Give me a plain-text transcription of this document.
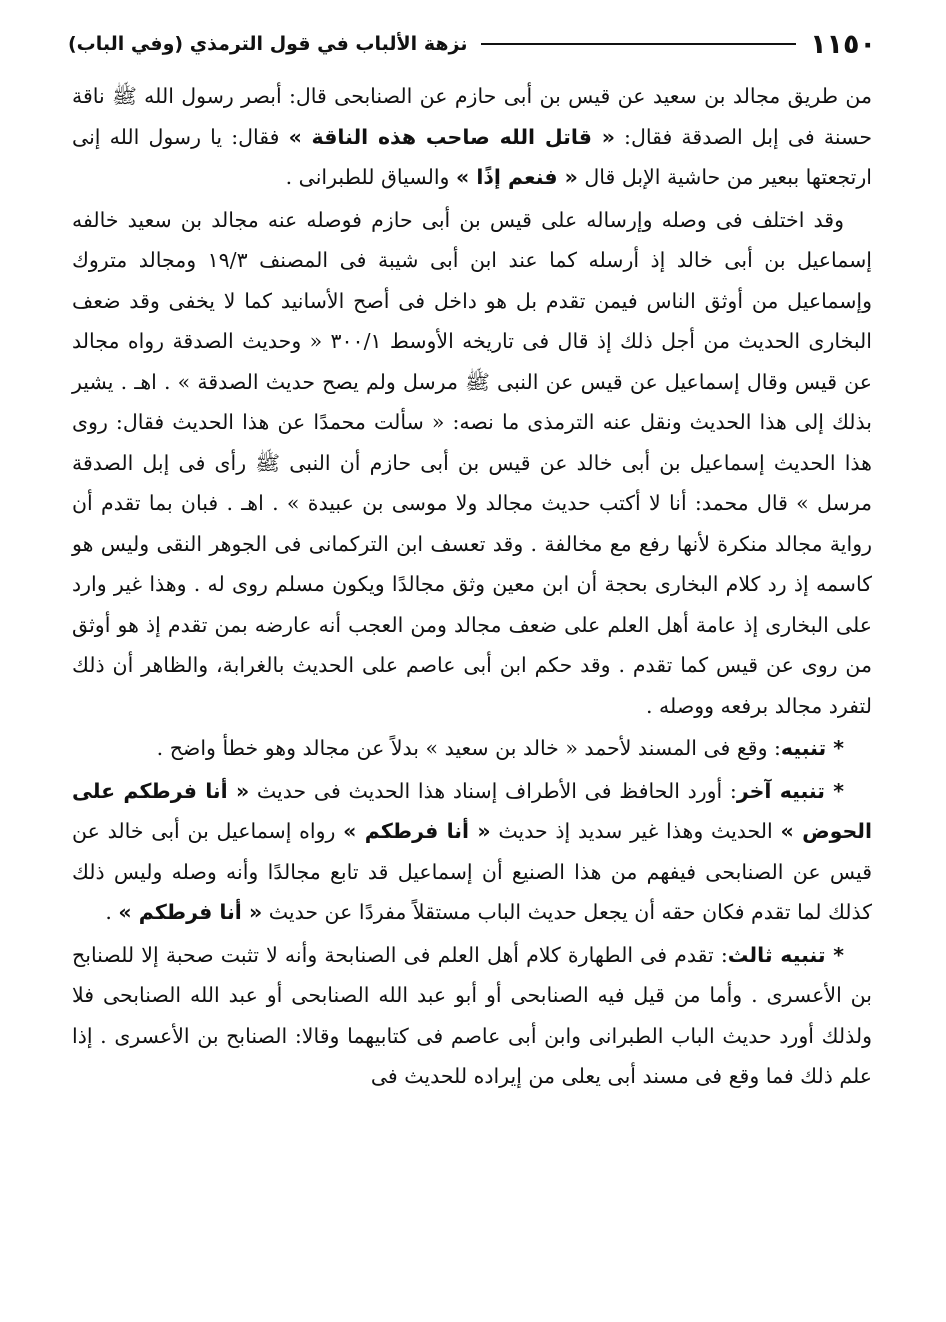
١١٥٠
نزهة الألباب في قول الترمذي (وفي الباب)

من طريق مجالد بن سعيد عن قيس بن أبى حازم عن الصنابحى قال: أبصر رسول الله ﷺ ناقة حسنة فى إبل الصدقة فقال: « قاتل الله صاحب هذه الناقة » فقال: يا رسول الله إنى ارتجعتها ببعير من حاشية الإبل قال « فنعم إذًا » والسياق للطبرانى .

وقد اختلف فى وصله وإرساله على قيس بن أبى حازم فوصله عنه مجالد بن سعيد خالفه إسماعيل بن أبى خالد إذ أرسله كما عند ابن أبى شيبة فى المصنف ١٩/٣ ومجالد متروك وإسماعيل من أوثق الناس فيمن تقدم بل هو داخل فى أصح الأسانيد كما لا يخفى وقد ضعف البخارى الحديث من أجل ذلك إذ قال فى تاريخه الأوسط ٣٠٠/١ « وحديث الصدقة رواه مجالد عن قيس وقال إسماعيل عن قيس عن النبى ﷺ مرسل ولم يصح حديث الصدقة » . اهـ . يشير بذلك إلى هذا الحديث ونقل عنه الترمذى ما نصه: « سألت محمدًا عن هذا الحديث فقال: روى هذا الحديث إسماعيل بن أبى خالد عن قيس بن أبى حازم أن النبى ﷺ رأى فى إبل الصدقة مرسل » قال محمد: أنا لا أكتب حديث مجالد ولا موسى بن عبيدة » . اهـ . فبان بما تقدم أن رواية مجالد منكرة لأنها رفع مع مخالفة . وقد تعسف ابن التركمانى فى الجوهر النقى وليس هو كاسمه إذ رد كلام البخارى بحجة أن ابن معين وثق مجالدًا ويكون مسلم روى له . وهذا غير وارد على البخارى إذ عامة أهل العلم على ضعف مجالد ومن العجب أنه عارضه بمن تقدم إذ هو أوثق من روى عن قيس كما تقدم . وقد حكم ابن أبى عاصم على الحديث بالغرابة، والظاهر أن ذلك لتفرد مجالد برفعه ووصله .

* تنبيه: وقع فى المسند لأحمد « خالد بن سعيد » بدلاً عن مجالد وهو خطأ واضح .

* تنبيه آخر: أورد الحافظ فى الأطراف إسناد هذا الحديث فى حديث « أنا فرطكم على الحوض » الحديث وهذا غير سديد إذ حديث « أنا فرطكم » رواه إسماعيل بن أبى خالد عن قيس عن الصنابحى فيفهم من هذا الصنيع أن إسماعيل قد تابع مجالدًا وأنه وصله وليس ذلك كذلك لما تقدم فكان حقه أن يجعل حديث الباب مستقلاً مفردًا عن حديث « أنا فرطكم » .

* تنبيه ثالث: تقدم فى الطهارة كلام أهل العلم فى الصنابحة وأنه لا تثبت صحبة إلا للصنابح بن الأعسرى . وأما من قيل فيه الصنابحى أو أبو عبد الله الصنابحى أو عبد الله الصنابحى فلا ولذلك أورد حديث الباب الطبرانى وابن أبى عاصم فى كتابيهما وقالا: الصنابح بن الأعسرى . إذا علم ذلك فما وقع فى مسند أبى يعلى من إيراده للحديث فى
